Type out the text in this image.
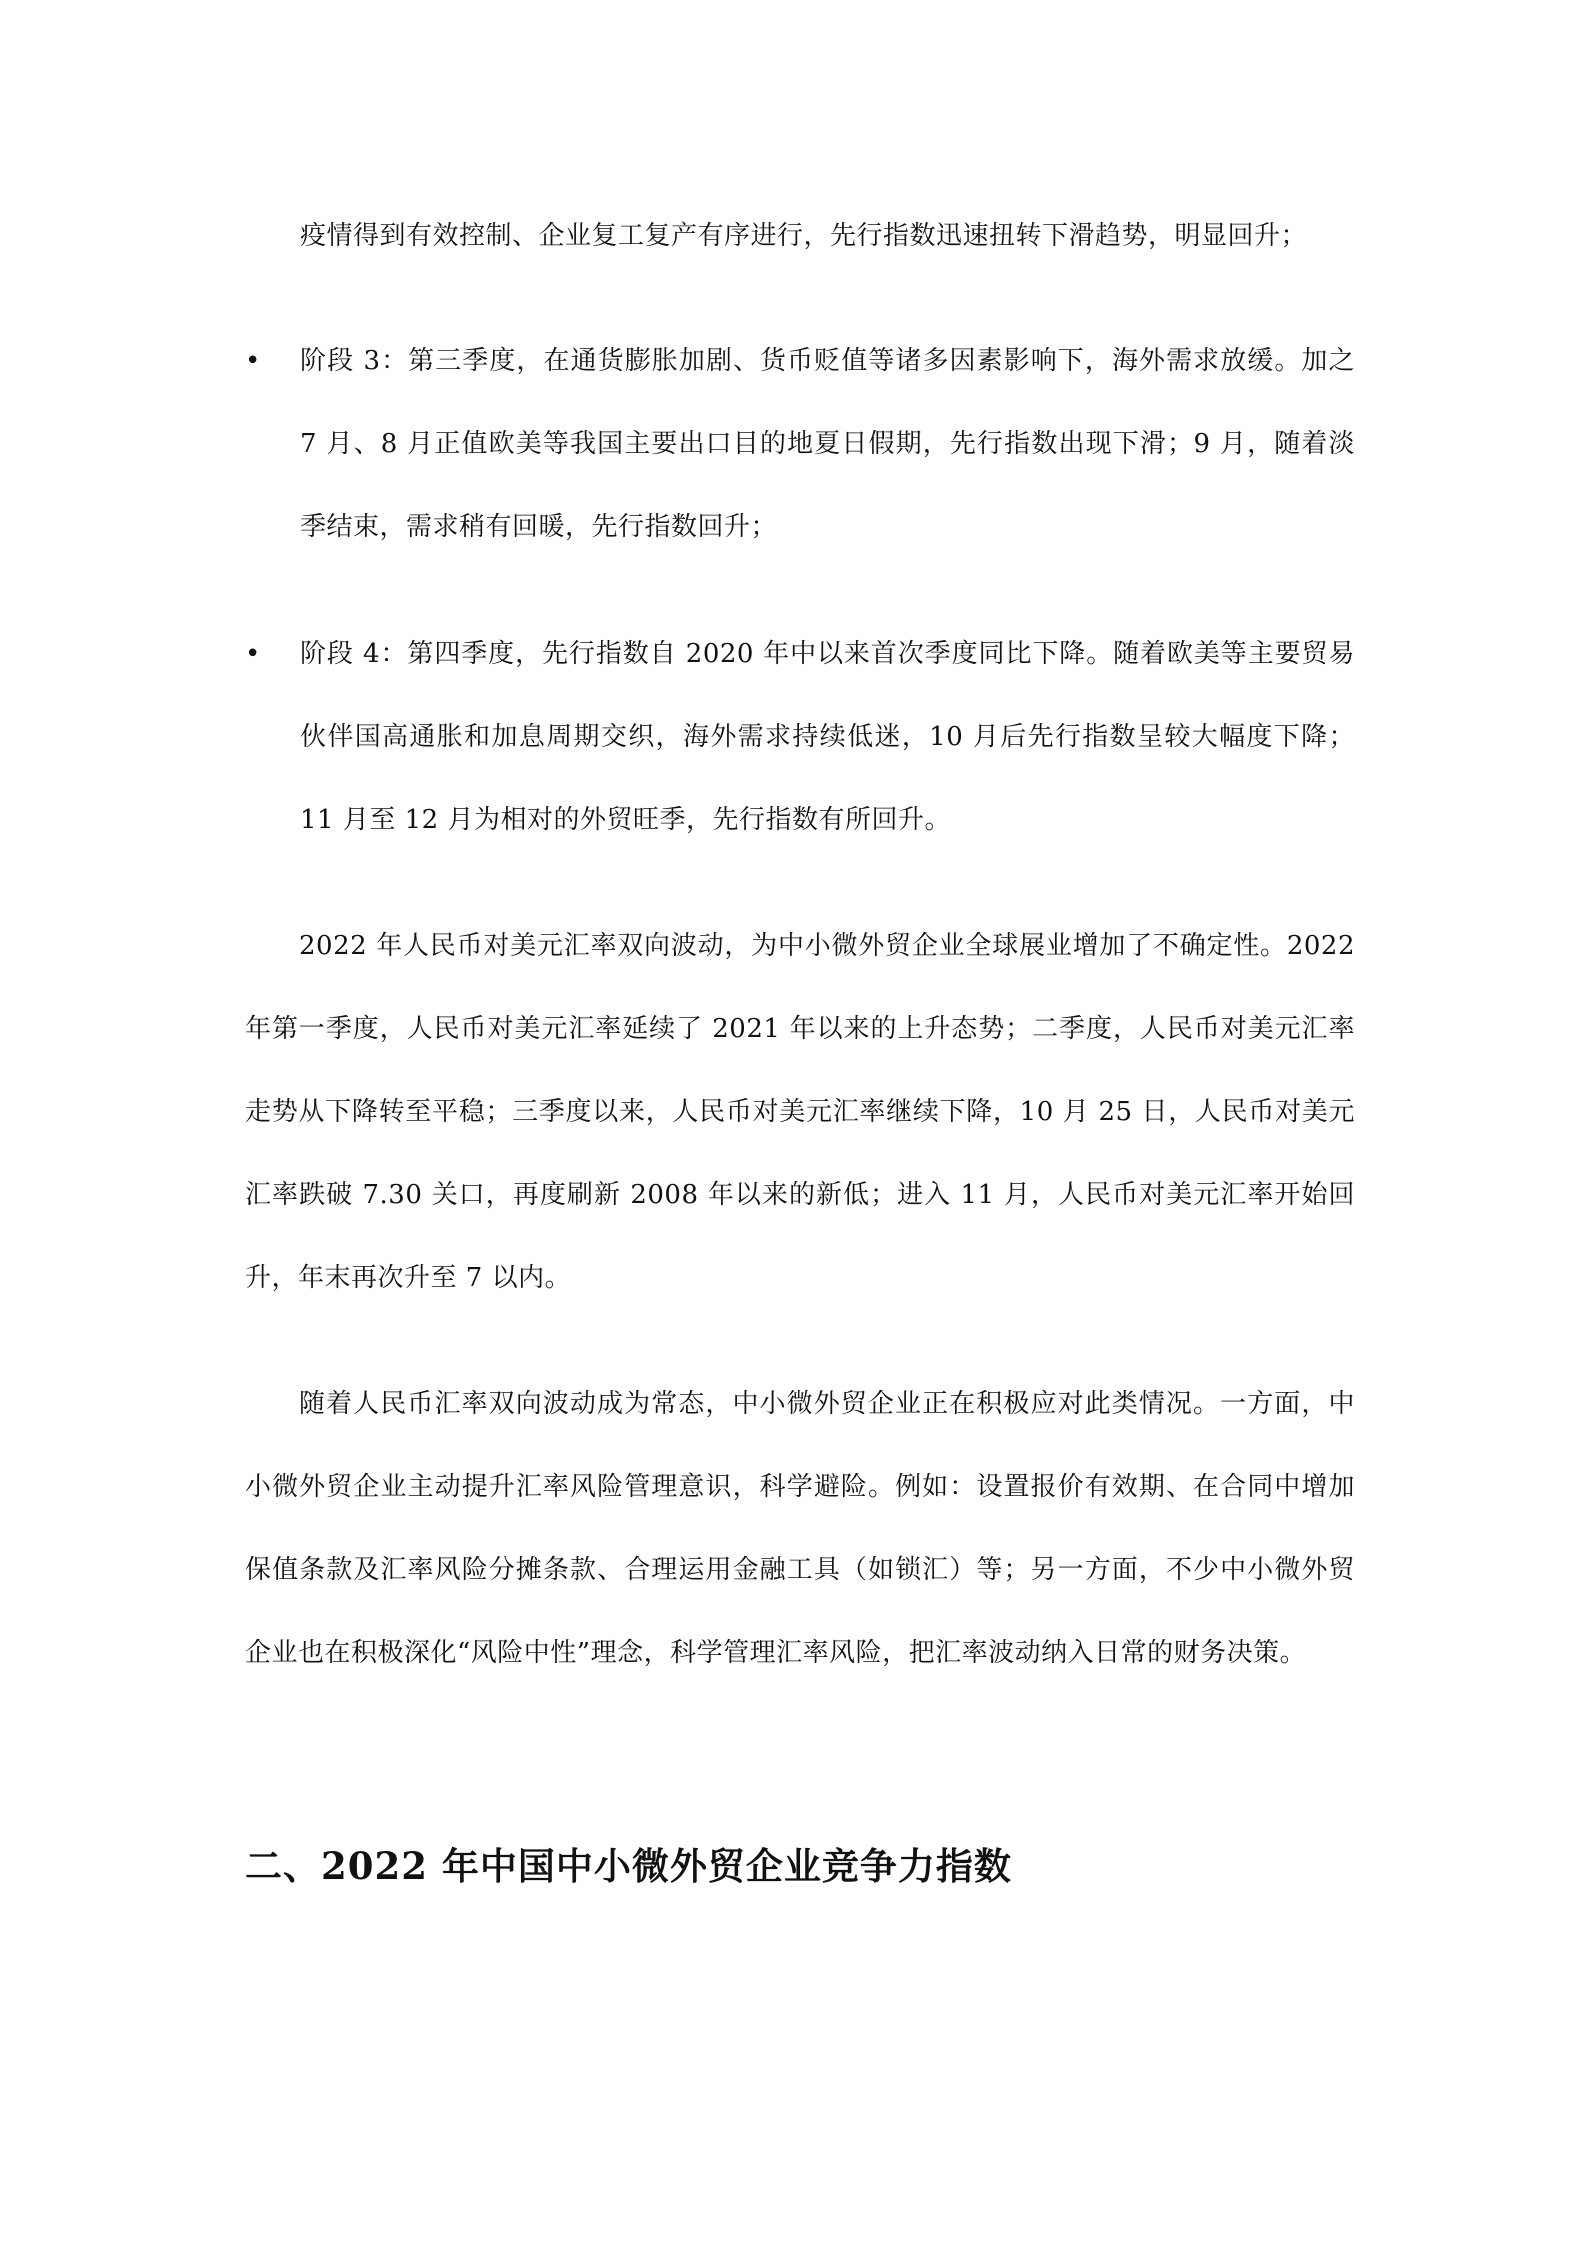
疫情得到有效控制、企业复工复产有序进行，先行指数迅速扭转下滑趋势，明显回升；

•	阶段 3：第三季度，在通货膨胀加剧、货币贬值等诸多因素影响下，海外需求放缓。加之 7 月、8 月正值欧美等我国主要出口目的地夏日假期，先行指数出现下滑；9 月，随着淡季结束，需求稍有回暖，先行指数回升；

•	阶段 4：第四季度，先行指数自 2020 年中以来首次季度同比下降。随着欧美等主要贸易伙伴国高通胀和加息周期交织，海外需求持续低迷，10 月后先行指数呈较大幅度下降；11 月至 12 月为相对的外贸旺季，先行指数有所回升。

2022 年人民币对美元汇率双向波动，为中小微外贸企业全球展业增加了不确定性。2022 年第一季度，人民币对美元汇率延续了 2021 年以来的上升态势；二季度，人民币对美元汇率走势从下降转至平稳；三季度以来，人民币对美元汇率继续下降，10 月 25 日，人民币对美元汇率跌破 7.30 关口，再度刷新 2008 年以来的新低；进入 11 月，人民币对美元汇率开始回升，年末再次升至 7 以内。

随着人民币汇率双向波动成为常态，中小微外贸企业正在积极应对此类情况。一方面，中小微外贸企业主动提升汇率风险管理意识，科学避险。例如：设置报价有效期、在合同中增加保值条款及汇率风险分摊条款、合理运用金融工具（如锁汇）等；另一方面，不少中小微外贸企业也在积极深化“风险中性”理念，科学管理汇率风险，把汇率波动纳入日常的财务决策。

二、2022 年中国中小微外贸企业竞争力指数
